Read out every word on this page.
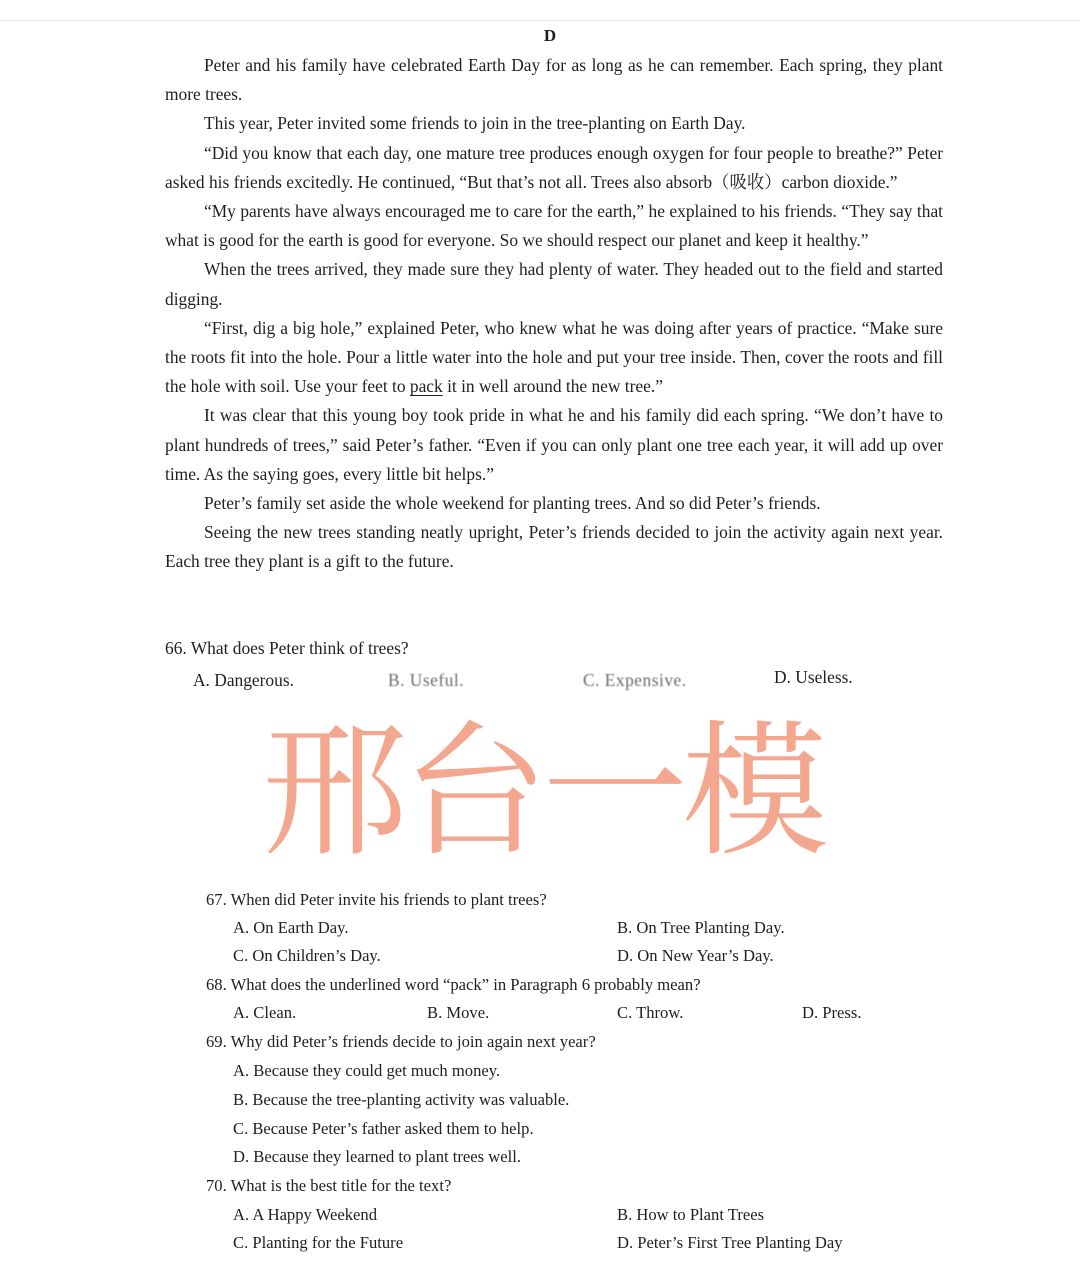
D

Peter and his family have celebrated Earth Day for as long as he can remember. Each spring, they plant more trees.

This year, Peter invited some friends to join in the tree-planting on Earth Day.

“Did you know that each day, one mature tree produces enough oxygen for four people to breathe?” Peter asked his friends excitedly. He continued, “But that’s not all. Trees also absorb（吸收）carbon dioxide.”

“My parents have always encouraged me to care for the earth,” he explained to his friends. “They say that what is good for the earth is good for everyone. So we should respect our planet and keep it healthy.”

When the trees arrived, they made sure they had plenty of water. They headed out to the field and started digging.

“First, dig a big hole,” explained Peter, who knew what he was doing after years of practice. “Make sure the roots fit into the hole. Pour a little water into the hole and put your tree inside. Then, cover the roots and fill the hole with soil. Use your feet to pack it in well around the new tree.”

It was clear that this young boy took pride in what he and his family did each spring. “We don’t have to plant hundreds of trees,” said Peter’s father. “Even if you can only plant one tree each year, it will add up over time. As the saying goes, every little bit helps.”

Peter’s family set aside the whole weekend for planting trees. And so did Peter’s friends.

Seeing the new trees standing neatly upright, Peter’s friends decided to join the activity again next year. Each tree they plant is a gift to the future.

66. What does Peter think of trees?
A. Dangerous.	B. Useful.	C. Expensive.	D. Useless.
邢台一模
67. When did Peter invite his friends to plant trees?
A. On Earth Day.	B. On Tree Planting Day.
C. On Children’s Day.	D. On New Year’s Day.
68. What does the underlined word “pack” in Paragraph 6 probably mean?
A. Clean.	B. Move.	C. Throw.	D. Press.
69. Why did Peter’s friends decide to join again next year?
A. Because they could get much money.
B. Because the tree-planting activity was valuable.
C. Because Peter’s father asked them to help.
D. Because they learned to plant trees well.
70. What is the best title for the text?
A. A Happy Weekend	B. How to Plant Trees
C. Planting for the Future	D. Peter’s First Tree Planting Day
